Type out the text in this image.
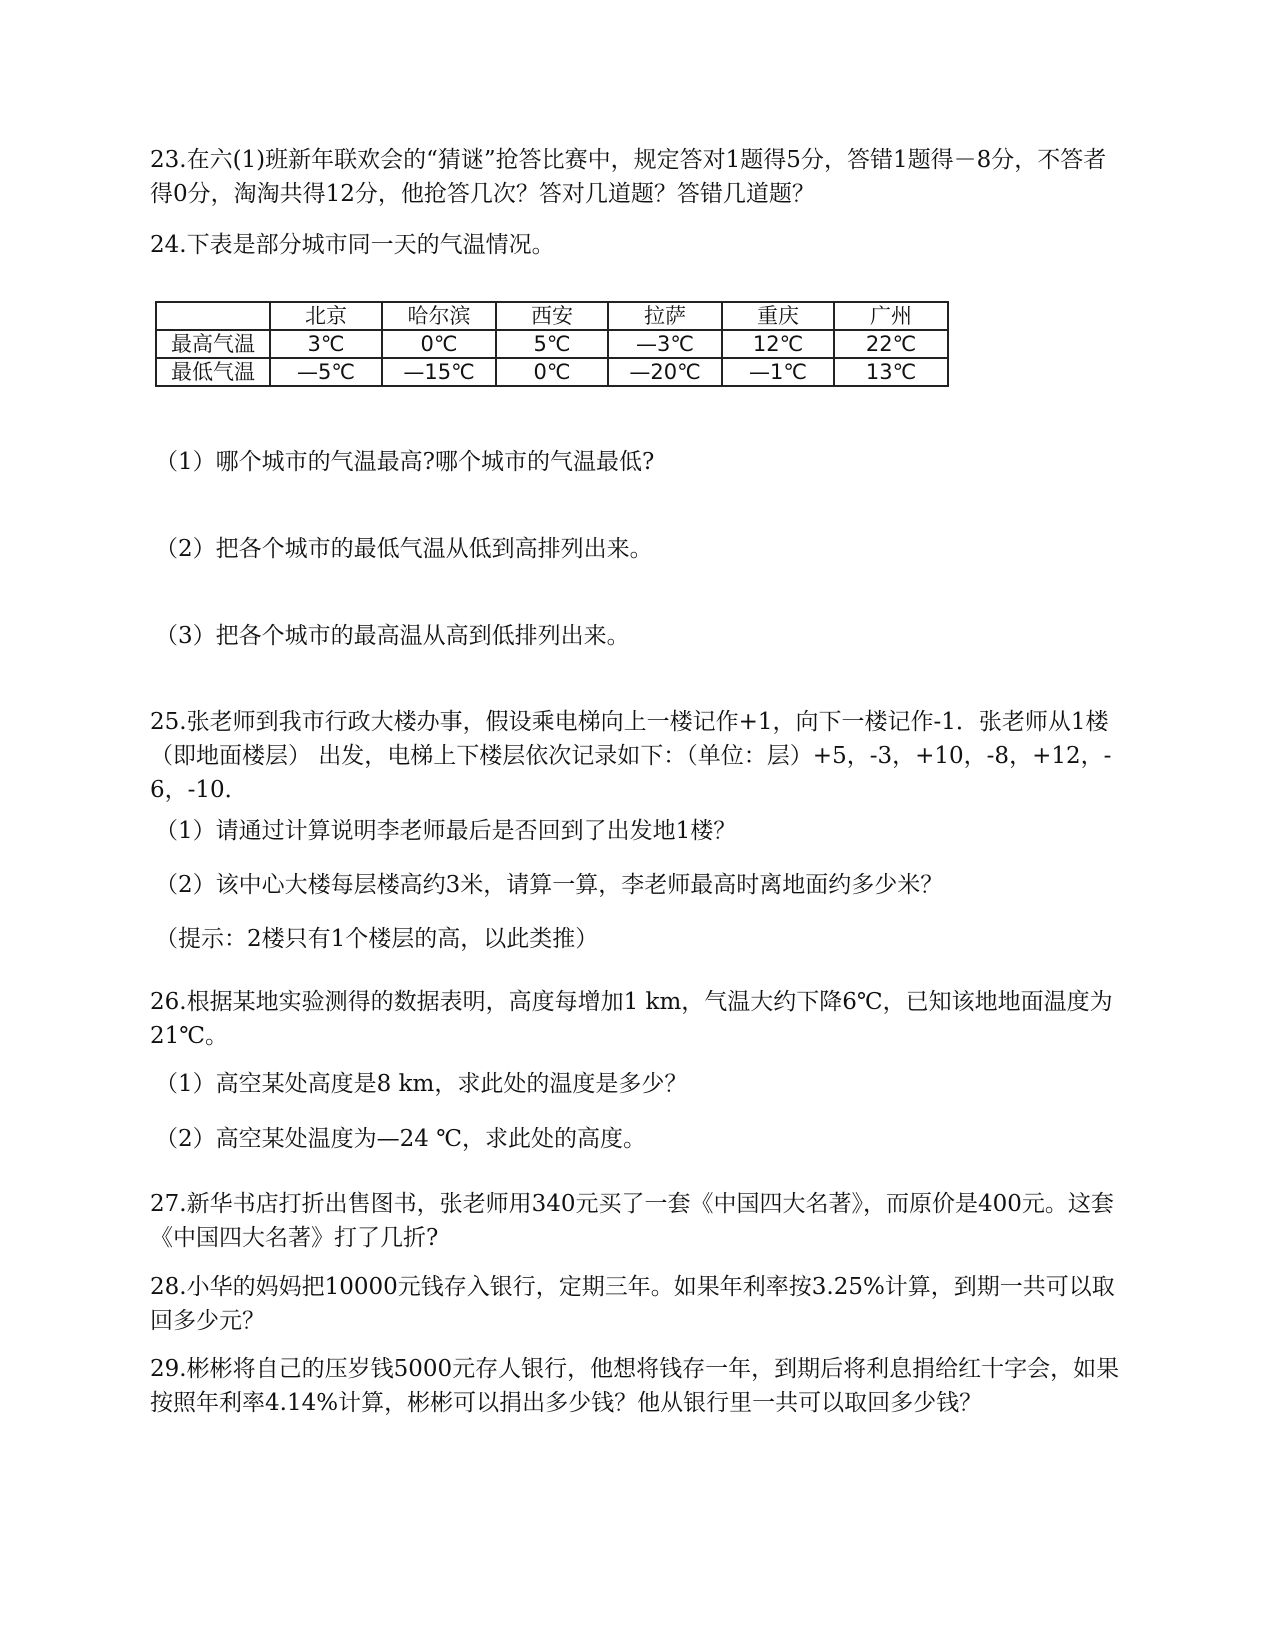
23.在六(1)班新年联欢会的“猜谜”抢答比赛中，规定答对1题得5分，答错1题得－8分，不答者得0分，淘淘共得12分，他抢答几次？答对几道题？答错几道题？

24.下表是部分城市同一天的气温情况。

	北京	哈尔滨	西安	拉萨	重庆	广州
最高气温	3℃	0℃	5℃	—3℃	12℃	22℃
最低气温	—5℃	—15℃	0℃	—20℃	—1℃	13℃

（1）哪个城市的气温最高?哪个城市的气温最低?

（2）把各个城市的最低气温从低到高排列出来。

（3）把各个城市的最高温从高到低排列出来。

25.张老师到我市行政大楼办事，假设乘电梯向上一楼记作+1，向下一楼记作-1．张老师从1楼 （即地面楼层） 出发，电梯上下楼层依次记录如下：（单位：层）+5，-3，+10，-8，+12，-6，-10．

（1）请通过计算说明李老师最后是否回到了出发地1楼？

（2）该中心大楼每层楼高约3米，请算一算，李老师最高时离地面约多少米？

（提示：2楼只有1个楼层的高，以此类推）

26.根据某地实验测得的数据表明，高度每增加1 km，气温大约下降6℃，已知该地地面温度为21℃。

（1）高空某处高度是8 km，求此处的温度是多少？

（2）高空某处温度为—24 ℃，求此处的高度。

27.新华书店打折出售图书，张老师用340元买了一套《中国四大名著》，而原价是400元。这套《中国四大名著》打了几折?

28.小华的妈妈把10000元钱存入银行，定期三年。如果年利率按3.25%计算，到期一共可以取回多少元？

29.彬彬将自己的压岁钱5000元存人银行，他想将钱存一年，到期后将利息捐给红十字会，如果按照年利率4.14%计算，彬彬可以捐出多少钱？他从银行里一共可以取回多少钱？
